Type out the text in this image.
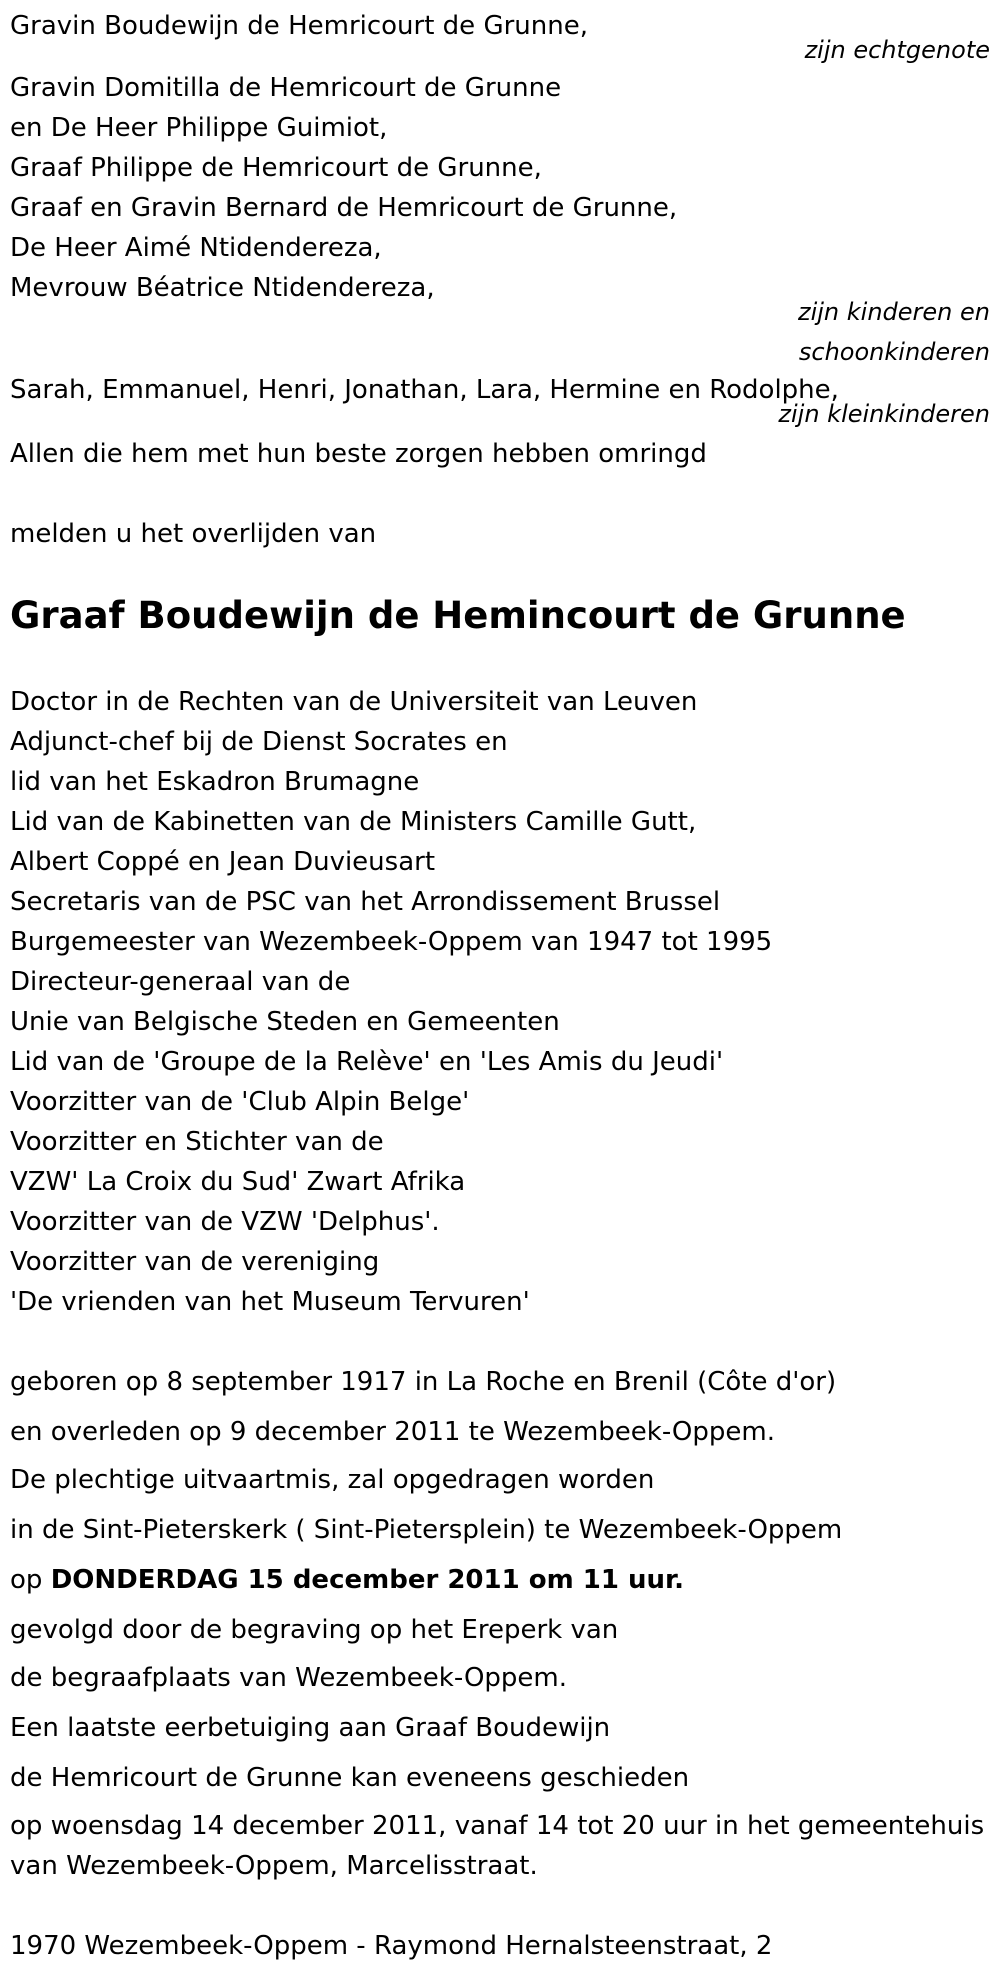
Gravin Boudewijn de Hemricourt de Grunne,
zijn echtgenote
Gravin Domitilla de Hemricourt de Grunne
en De Heer Philippe Guimiot,
Graaf Philippe de Hemricourt de Grunne,
Graaf en Gravin Bernard de Hemricourt de Grunne,
De Heer Aimé Ntidendereza,
Mevrouw Béatrice Ntidendereza,
zijn kinderen en
schoonkinderen
Sarah, Emmanuel, Henri, Jonathan, Lara, Hermine en Rodolphe,
zijn kleinkinderen
Allen die hem met hun beste zorgen hebben omringd
melden u het overlijden van
Graaf Boudewijn de Hemincourt de Grunne
Doctor in de Rechten van de Universiteit van Leuven
Adjunct-chef bij de Dienst Socrates en
lid van het Eskadron Brumagne
Lid van de Kabinetten van de Ministers Camille Gutt,
Albert Coppé en Jean Duvieusart
Secretaris van de PSC van het Arrondissement Brussel
Burgemeester van Wezembeek-Oppem van 1947 tot 1995
Directeur-generaal van de
Unie van Belgische Steden en Gemeenten
Lid van de 'Groupe de la Relève' en 'Les Amis du Jeudi'
Voorzitter van de 'Club Alpin Belge'
Voorzitter en Stichter van de
VZW' La Croix du Sud' Zwart Afrika
Voorzitter van de VZW 'Delphus'.
Voorzitter van de vereniging
'De vrienden van het Museum Tervuren'
geboren op 8 september 1917 in La Roche en Brenil (Côte d'or)
en overleden op 9 december 2011 te Wezembeek-Oppem.
De plechtige uitvaartmis, zal opgedragen worden
in de Sint-Pieterskerk ( Sint-Pietersplein) te Wezembeek-Oppem
op DONDERDAG 15 december 2011 om 11 uur.
gevolgd door de begraving op het Ereperk van
de begraafplaats van Wezembeek-Oppem.
Een laatste eerbetuiging aan Graaf Boudewijn
de Hemricourt de Grunne kan eveneens geschieden
op woensdag 14 december 2011, vanaf 14 tot 20 uur in het gemeentehuis
van Wezembeek-Oppem, Marcelisstraat.
1970 Wezembeek-Oppem - Raymond Hernalsteenstraat, 2
